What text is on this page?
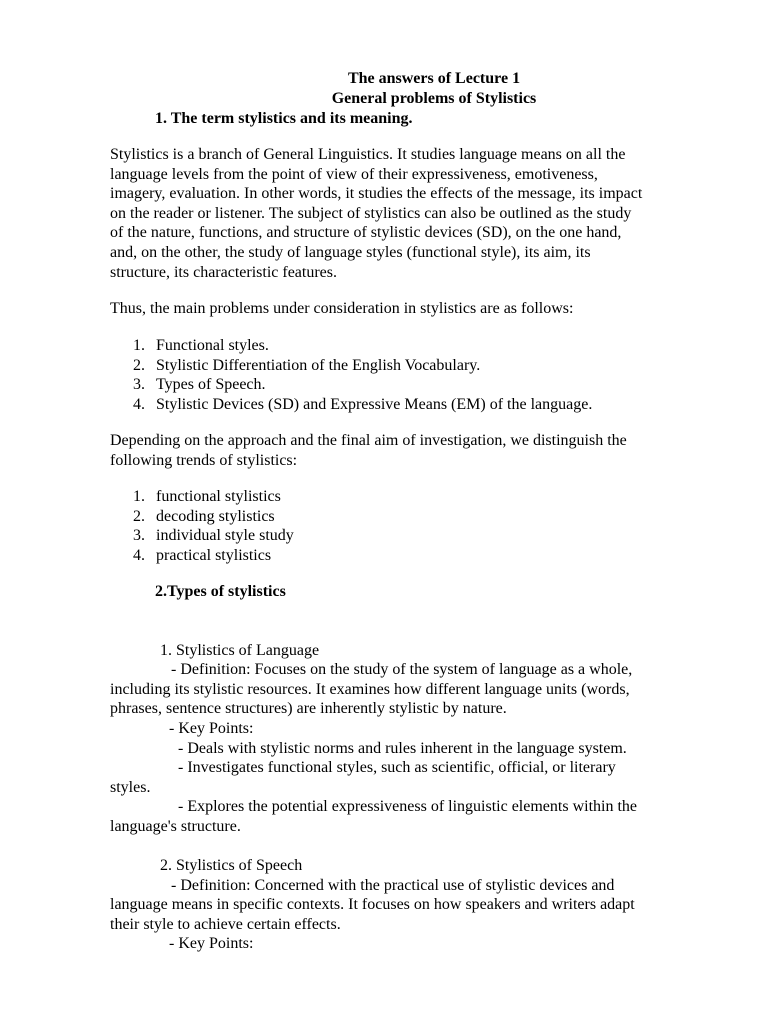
The answers of Lecture 1
General problems of Stylistics
1. The term stylistics and its meaning.
Stylistics is a branch of General Linguistics. It studies language means on all the
language levels from the point of view of their expressiveness, emotiveness,
imagery, evaluation. In other words, it studies the effects of the message, its impact
on the reader or listener. The subject of stylistics can also be outlined as the study
of the nature, functions, and structure of stylistic devices (SD), on the one hand,
and, on the other, the study of language styles (functional style), its aim, its
structure, its characteristic features.
Thus, the main problems under consideration in stylistics are as follows:
1. Functional styles.
2. Stylistic Differentiation of the English Vocabulary.
3. Types of Speech.
4. Stylistic Devices (SD) and Expressive Means (EM) of the language.
Depending on the approach and the final aim of investigation, we distinguish the
following trends of stylistics:
1. functional stylistics
2. decoding stylistics
3. individual style study
4. practical stylistics
2.Types of stylistics
1. Stylistics of Language
- Definition: Focuses on the study of the system of language as a whole,
including its stylistic resources. It examines how different language units (words,
phrases, sentence structures) are inherently stylistic by nature.
- Key Points:
- Deals with stylistic norms and rules inherent in the language system.
- Investigates functional styles, such as scientific, official, or literary
styles.
- Explores the potential expressiveness of linguistic elements within the
language's structure.
2. Stylistics of Speech
- Definition: Concerned with the practical use of stylistic devices and
language means in specific contexts. It focuses on how speakers and writers adapt
their style to achieve certain effects.
- Key Points:
